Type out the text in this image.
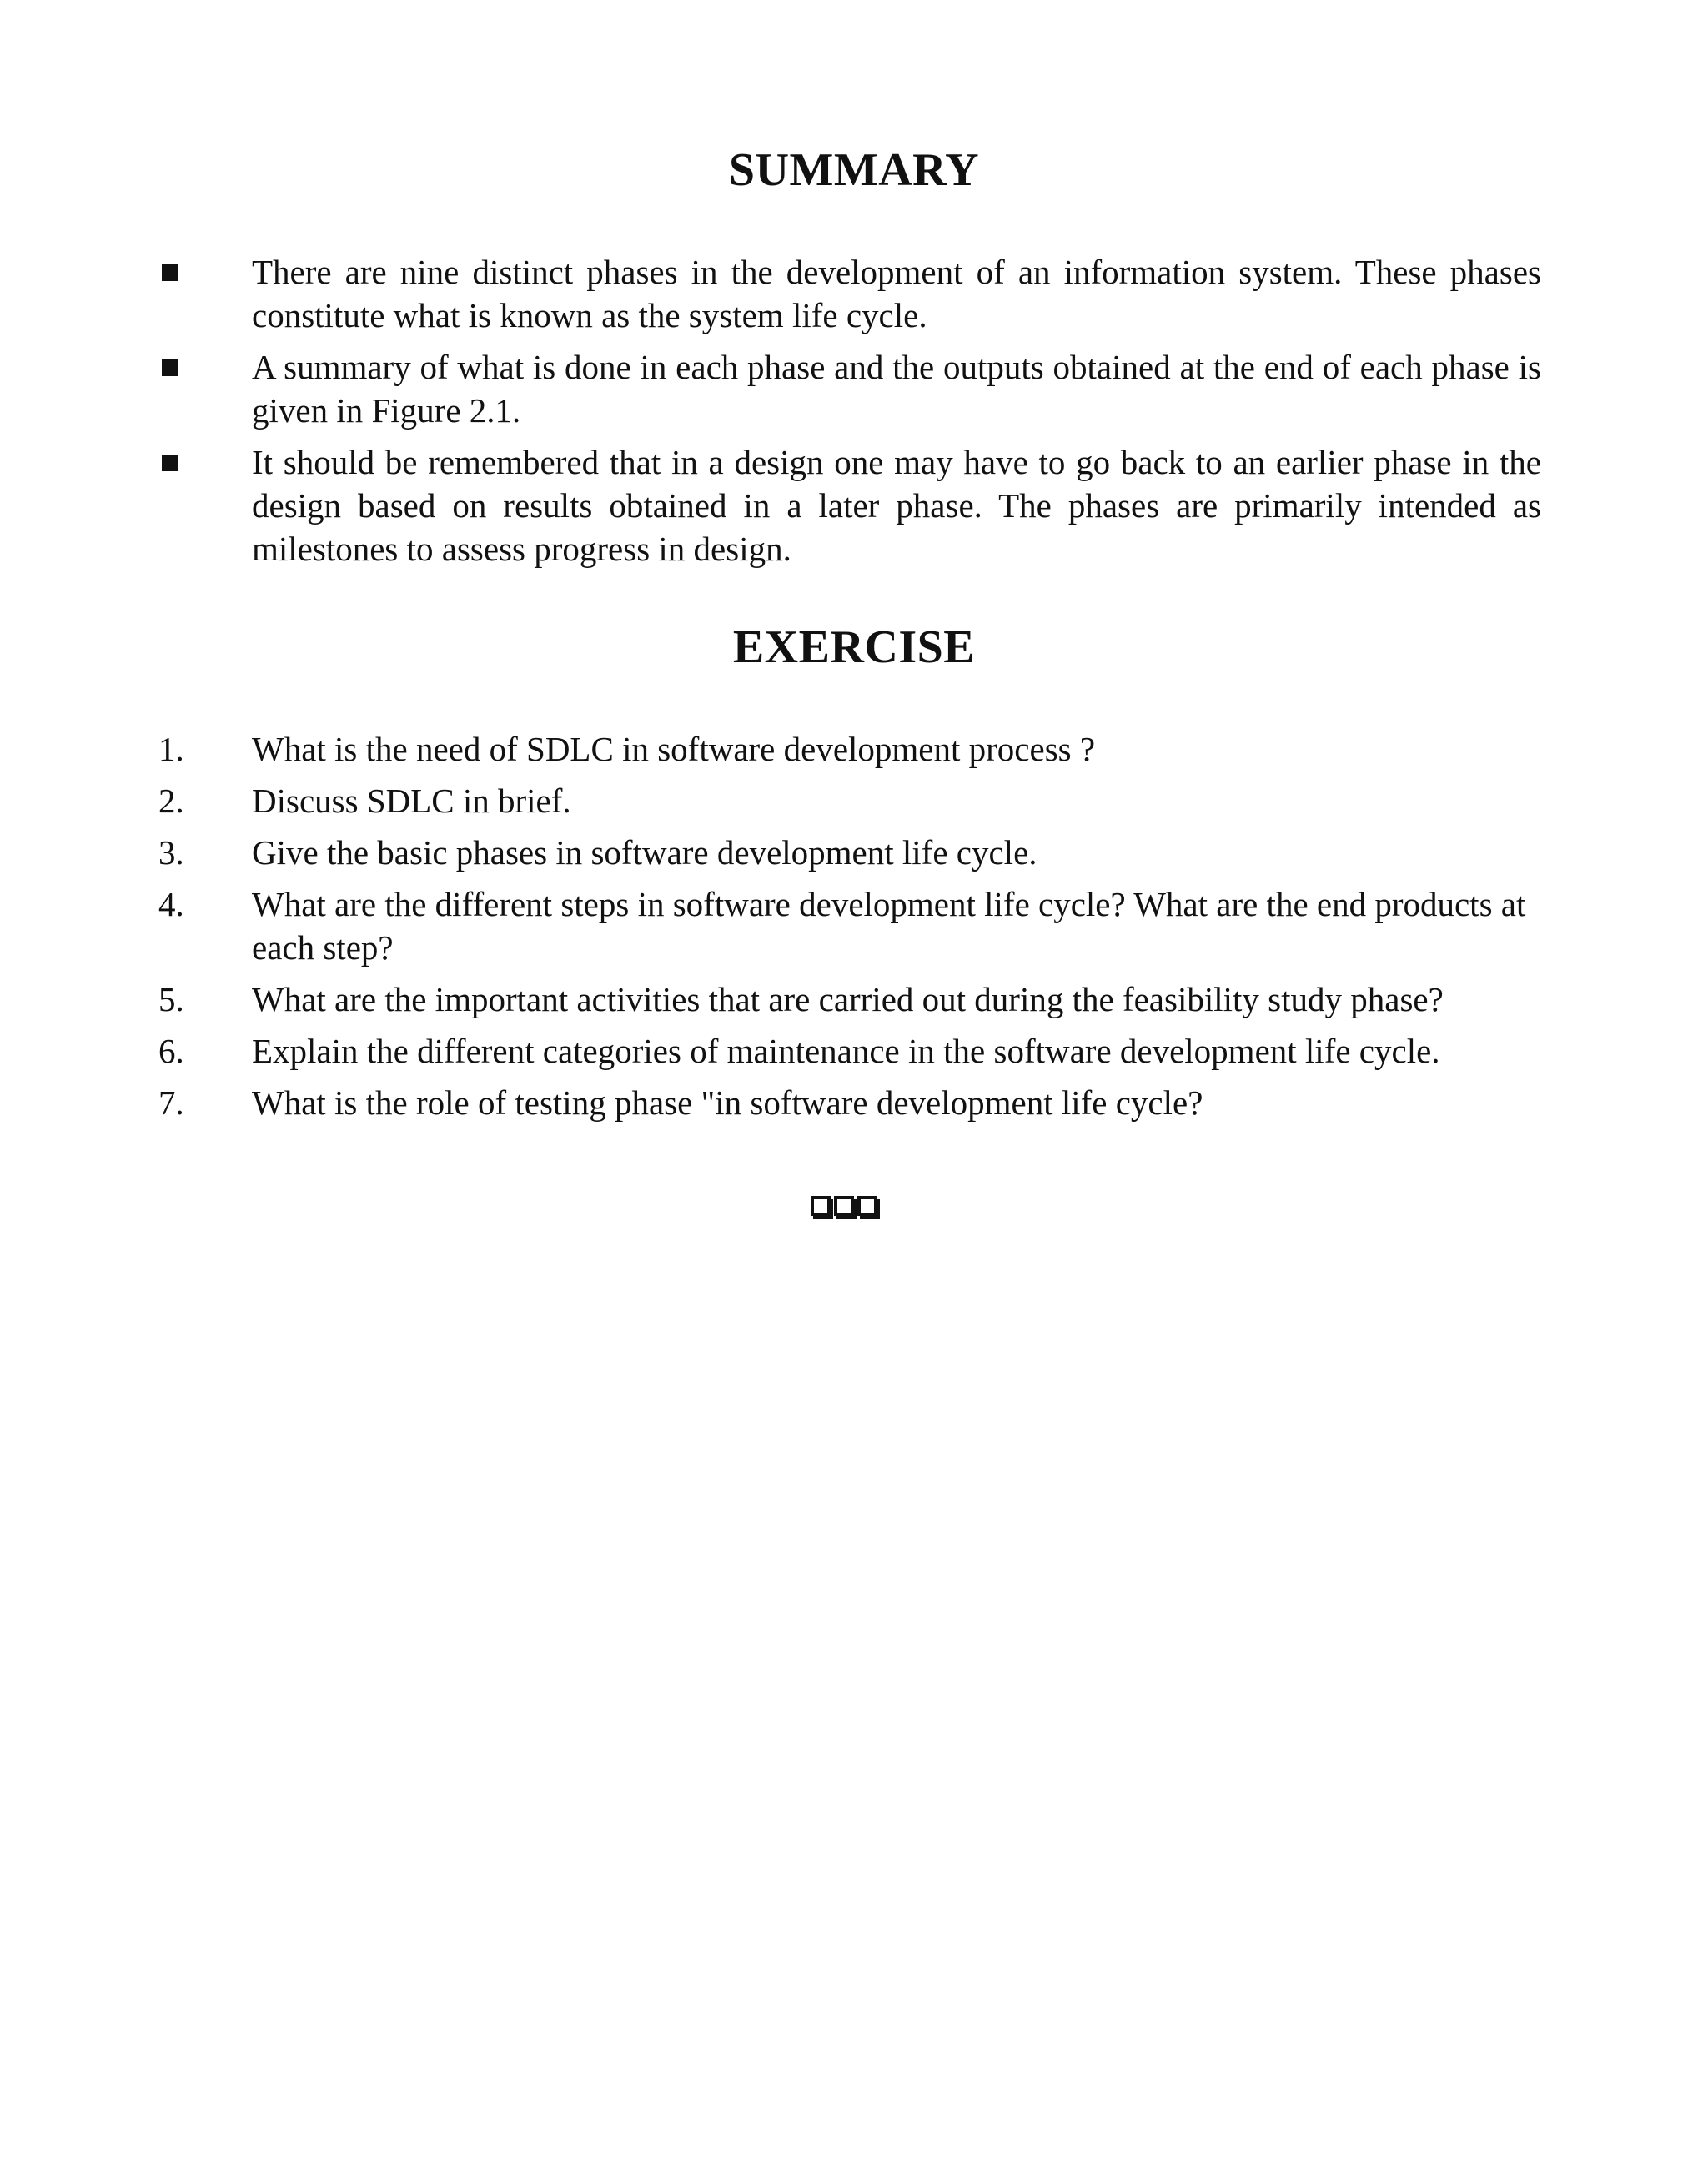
SUMMARY
There are nine distinct phases in the development of an information system. These phases constitute what is known as the system life cycle.
A summary of what is done in each phase and the outputs obtained at the end of each phase is given in Figure 2.1.
It should be remembered that in a design one may have to go back to an earlier phase in the design based on results obtained in a later phase. The phases are primarily intended as milestones to assess progress in design.
EXERCISE
1.	What is the need of SDLC in software development process ?
2.	Discuss SDLC in brief.
3.	Give the basic phases in software development life cycle.
4.	What are the different steps in software development life cycle? What are the end products at each step?
5.	What are the important activities that are carried out during the feasibility study phase?
6.	Explain the different categories of maintenance in the software development life cycle.
7.	What is the role of testing phase "in software development life cycle?
